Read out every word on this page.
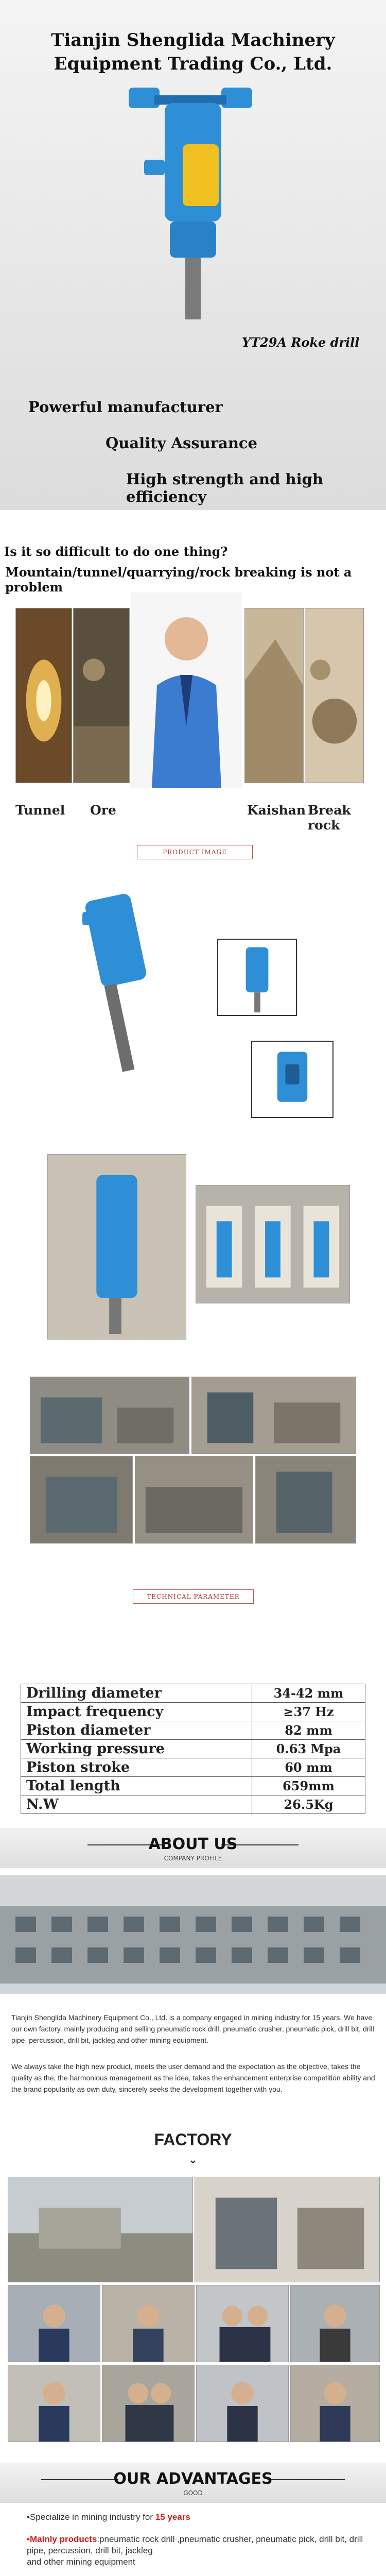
Tianjin Shenglida Machinery
Equipment Trading Co., Ltd.
YT29A Roke drill
Powerful manufacturer
Quality Assurance
High strength and high efficiency
Is it so difficult to do one thing?
Mountain/tunnel/quarrying/rock breaking is not a problem
Tunnel Ore	Kaishan Break rock
PRODUCT IMAGE
TECHNICAL PARAMETER
Drilling diameter	34-42 mm
Impact frequency	≥37 Hz
Piston diameter	82 mm
Working pressure	0.63 Mpa
Piston stroke	60 mm
Total length	659mm
N.W	26.5Kg
ABOUT US
COMPANY PROFILE
Tianjin Shenglida Machinery Equipment Co., Ltd. is a company engaged in mining industry for 15 years. We have our own factory, mainly producing and selling pneumatic rock drill, pneumatic crusher, pneumatic pick, drill bit, drill pipe, percussion, drill bit, jackleg and other mining equipment.
We always take the high new product, meets the user demand and the expectation as the objective, takes the quality as the, the harmonious management as the idea, takes the enhancement enterprise competition ability and the brand popularity as own duty, sincerely seeks the development together with you.
FACTORY
⌄
OUR ADVANTAGES
GOOD
•Specialize in mining industry for 15 years
•Mainly products:pneumatic rock drill ,pneumatic crusher, pneumatic pick, drill bit, drill pipe, percussion, drill bit, jackleg
and other mining equipment
